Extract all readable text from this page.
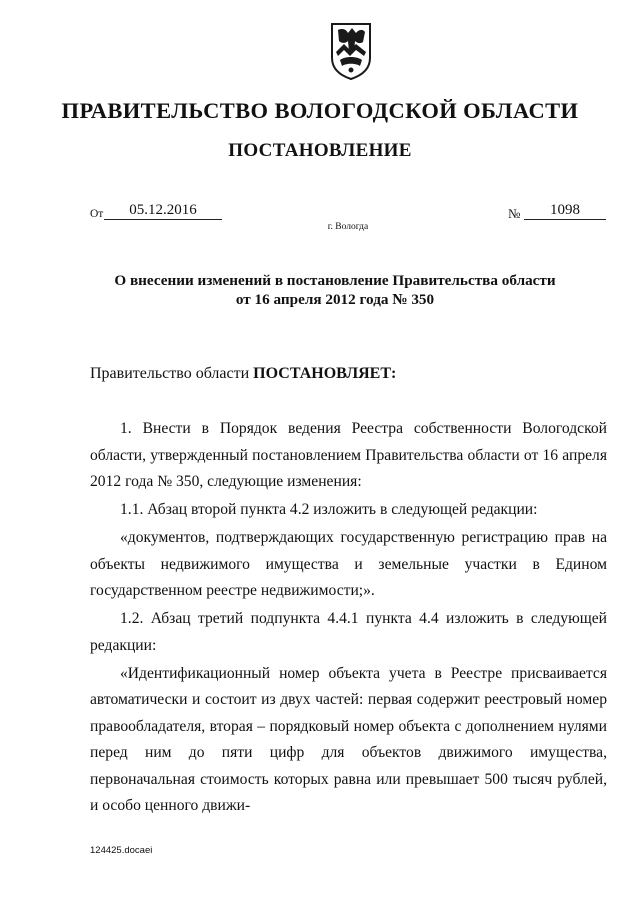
ПРАВИТЕЛЬСТВО ВОЛОГОДСКОЙ ОБЛАСТИ
ПОСТАНОВЛЕНИЕ
От	05.12.2016	№	1098
г. Вологда
О внесении изменений в постановление Правительства области
от 16 апреля 2012 года № 350
Правительство области ПОСТАНОВЛЯЕТ:

1. Внести в Порядок ведения Реестра собственности Вологодской области, утвержденный постановлением Правительства области от 16 апреля 2012 года № 350, следующие изменения:

1.1. Абзац второй пункта 4.2 изложить в следующей редакции:

«документов, подтверждающих государственную регистрацию прав на объекты недвижимого имущества и земельные участки в Едином государственном реестре недвижимости;».

1.2. Абзац третий подпункта 4.4.1 пункта 4.4 изложить в следующей редакции:

«Идентификационный номер объекта учета в Реестре присваивается автоматически и состоит из двух частей: первая содержит реестровый номер правообладателя, вторая – порядковый номер объекта с дополнением нулями перед ним до пяти цифр для объектов движимого имущества, первоначальная стоимость которых равна или превышает 500 тысяч рублей, и особо ценного движи-

124425.docaei
